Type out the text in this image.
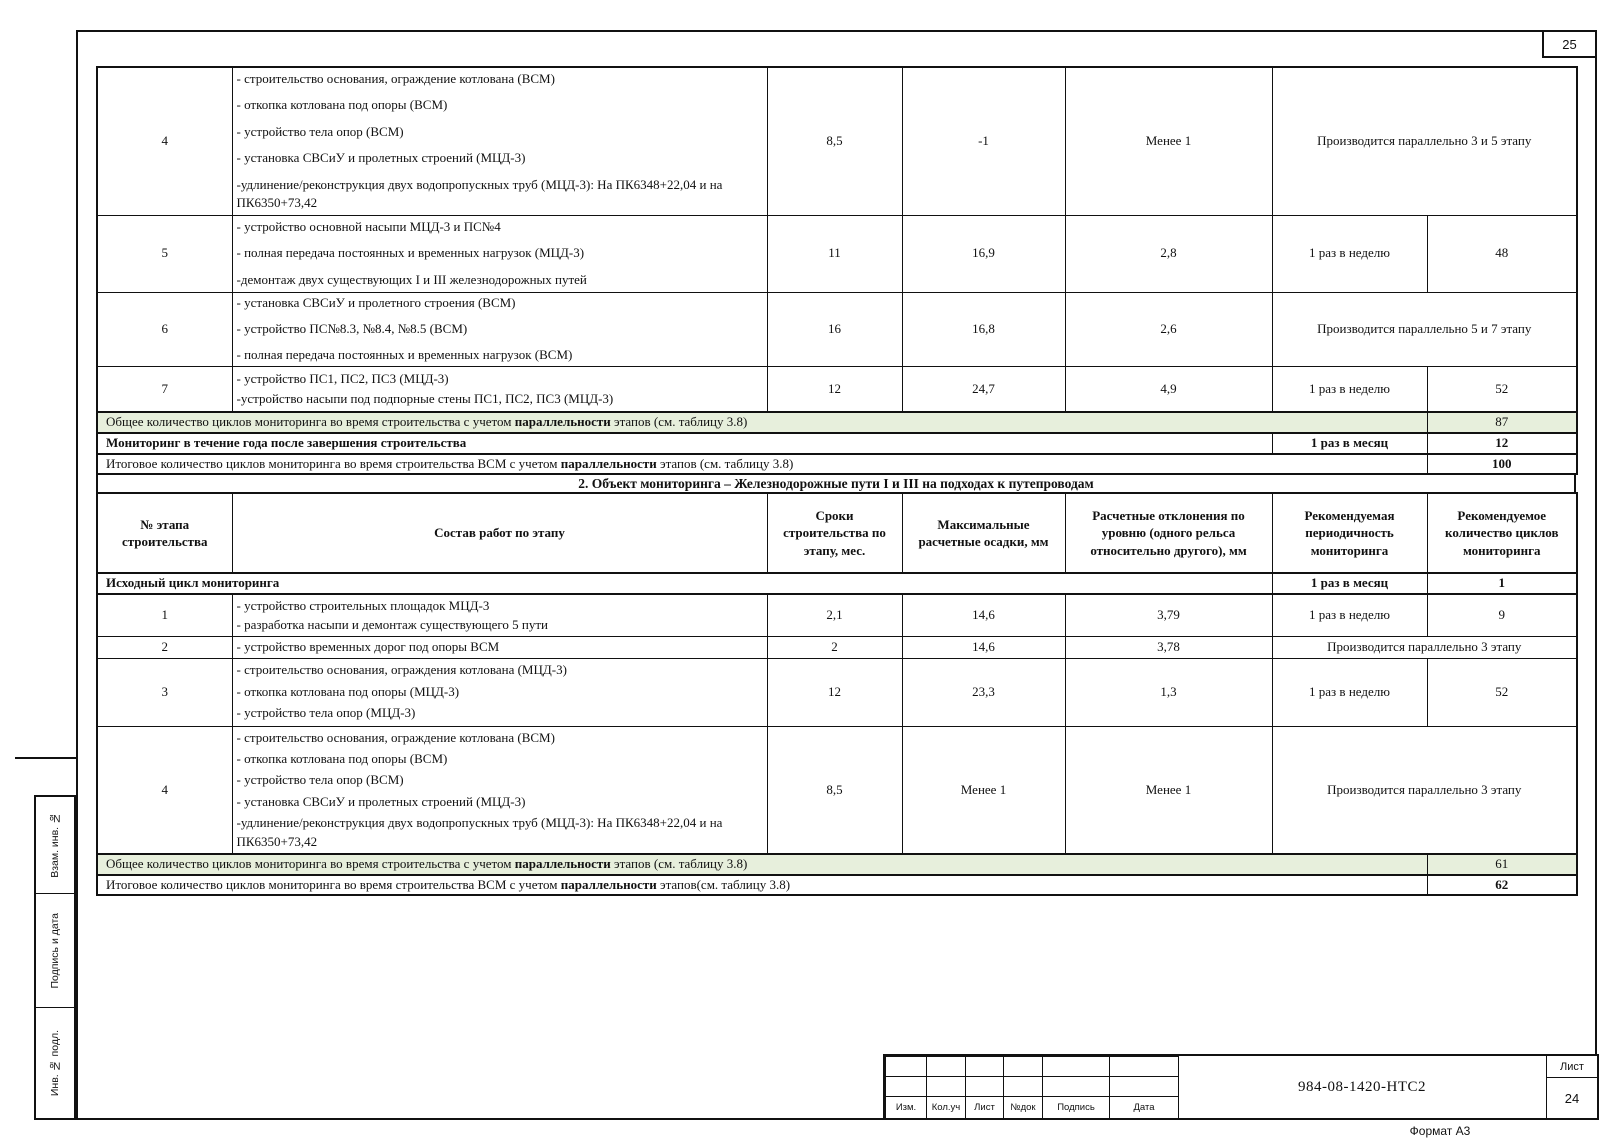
Взам. инв. №
Подпись и дата
Инв. № подл.
25
4	- строительство основания, ограждение котлована (ВСМ)
- откопка котлована под опоры (ВСМ)
- устройство тела опор (ВСМ)
- установка СВСиУ и пролетных строений (МЦД-3)
-удлинение/реконструкция двух водопропускных труб (МЦД-3): На ПК6348+22,04 и на ПК6350+73,42	8,5	-1	Менее 1	Производится параллельно 3 и 5 этапу	
5	- устройство основной насыпи МЦД-3 и ПС№4
- полная передача постоянных и временных нагрузок (МЦД-3)
-демонтаж двух существующих I и III железнодорожных путей	11	16,9	2,8	1 раз в неделю	48
6	- установка СВСиУ и пролетного строения (ВСМ)
- устройство ПС№8.3, №8.4, №8.5 (ВСМ)
- полная передача постоянных и временных нагрузок (ВСМ)	16	16,8	2,6	Производится параллельно 5 и 7 этапу	
7	- устройство ПС1, ПС2, ПС3 (МЦД-3)
-устройство насыпи под подпорные стены ПС1, ПС2, ПС3 (МЦД-3)	12	24,7	4,9	1 раз в неделю	52
Общее количество циклов мониторинга во время строительства с учетом параллельности этапов (см. таблицу 3.8)						87
Мониторинг в течение года после завершения строительства					1 раз в месяц	12
Итоговое количество циклов мониторинга во время строительства ВСМ с учетом параллельности этапов (см. таблицу 3.8)						100
2. Объект мониторинга – Железнодорожные пути I и III на подходах к путепроводам
№ этапа строительства	Состав работ по этапу	Сроки строительства по этапу, мес.	Максимальные расчетные осадки, мм	Расчетные отклонения по уровню (одного рельса относительно другого), мм	Рекомендуемая периодичность мониторинга	Рекомендуемое количество циклов мониторинга
Исходный цикл мониторинга					1 раз в месяц	1
1	- устройство строительных площадок МЦД-3
- разработка насыпи и демонтаж существующего 5 пути	2,1	14,6	3,79	1 раз в неделю	9
2	- устройство временных дорог под опоры ВСМ	2	14,6	3,78	Производится параллельно 3 этапу	
3	- строительство основания, ограждения котлована (МЦД-3)
- откопка котлована под опоры (МЦД-3)
- устройство тела опор (МЦД-3)	12	23,3	1,3	1 раз в неделю	52
4	- строительство основания, ограждение котлована (ВСМ)
- откопка котлована под опоры (ВСМ)
- устройство тела опор (ВСМ)
- установка СВСиУ и пролетных строений (МЦД-3)
-удлинение/реконструкция двух водопропускных труб (МЦД-3): На ПК6348+22,04 и на ПК6350+73,42	8,5	Менее 1	Менее 1	Производится параллельно 3 этапу	
Общее количество циклов мониторинга во время строительства с учетом параллельности этапов (см. таблицу 3.8)						61
Итоговое количество циклов мониторинга во время строительства ВСМ с учетом параллельности этапов(см. таблицу 3.8)						62

Изм.	Кол.уч	Лист	№док	Подпись	Дата
984-08-1420-НТС2
Лист
24
Формат А3
